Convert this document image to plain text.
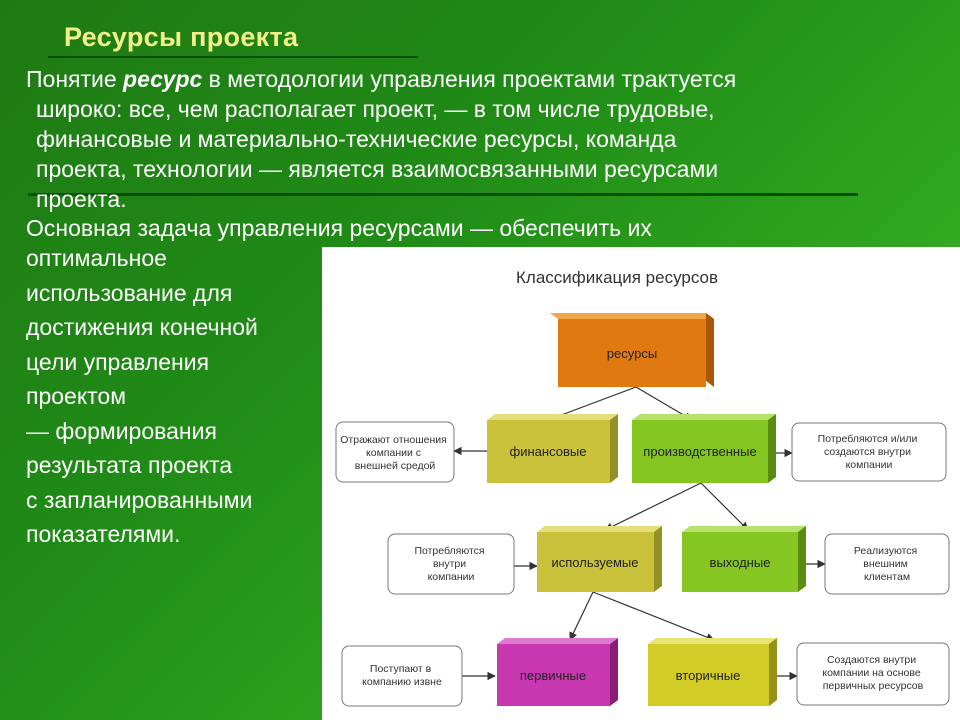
Ресурсы проекта
Понятие ресурс в методологии управления проектами трактуется
широко: все, чем располагает проект, — в том числе трудовые,
финансовые и материально-технические ресурсы, команда
проекта, технологии — является взаимосвязанными ресурсами
проекта.
Основная задача управления ресурсами — обеспечить их
оптимальное
использование для
достижения конечной
цели управления
проектом
— формирования
результата проекта
с запланированными
показателями.
Классификация ресурсов
ресурсы
финансовые	производственные
используемые	выходные
первичные	вторичные
Отражают отношения компании с внешней средой
Потребляются и/или создаются внутри компании
Потребляются внутри компании
Реализуются внешним клиентам
Поступают в компанию извне
Создаются внутри компании на основе первичных ресурсов
